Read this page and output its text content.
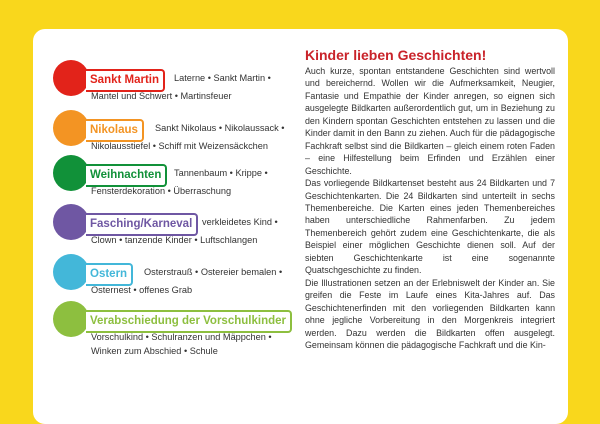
Sankt Martin	Laterne • Sankt Martin •
Mantel und Schwert • Martinsfeuer
Nikolaus	Sankt Nikolaus • Nikolaussack •
Nikolausstiefel • Schiff mit Weizensäckchen
Weihnachten	Tannenbaum • Krippe •
Fensterdekoration • Überraschung
Fasching/Karneval	verkleidetes Kind •
Clown • tanzende Kinder • Luftschlangen
Ostern	Osterstrauß • Ostereier bemalen •
Osternest • offenes Grab
Verabschiedung der Vorschulkinder
Vorschulkind • Schulranzen und Mäppchen •
Winken zum Abschied • Schule
Kinder lieben Geschichten!

Auch kurze, spontan entstandene Geschichten sind wertvoll und bereichernd. Wollen wir die Aufmerksamkeit, Neugier, Fantasie und Empathie der Kinder anregen, so eignen sich ausgelegte Bildkarten außerordentlich gut, um in Beziehung zu den Kindern spontan Geschichten entstehen zu lassen und die Kinder damit in den Bann zu ziehen. Auch für die pädagogische Fachkraft selbst sind die Bildkarten – gleich einem roten Faden – eine Hilfestellung beim Erfinden und Erzählen einer Geschichte.

Das vorliegende Bildkartenset besteht aus 24 Bildkarten und 7 Geschichtenkarten. Die 24 Bildkarten sind unterteilt in sechs Themenbereiche. Die Karten eines jeden Themenbereiches haben unterschiedliche Rahmenfarben. Zu jedem Themenbereich gehört zudem eine Geschichtenkarte, die als Beispiel einer möglichen Geschichte dienen soll. Auf der siebten Geschichtenkarte ist eine sogenannte Quatschgeschichte zu finden.

Die Illustrationen setzen an der Erlebniswelt der Kinder an. Sie greifen die Feste im Laufe eines Kita-Jahres auf. Das Geschichtenerfinden mit den vorliegenden Bildkarten kann ohne jegliche Vorbereitung in den Morgenkreis integriert werden. Dazu werden die Bildkarten offen ausgelegt. Gemeinsam können die pädagogische Fachkraft und die Kin-
